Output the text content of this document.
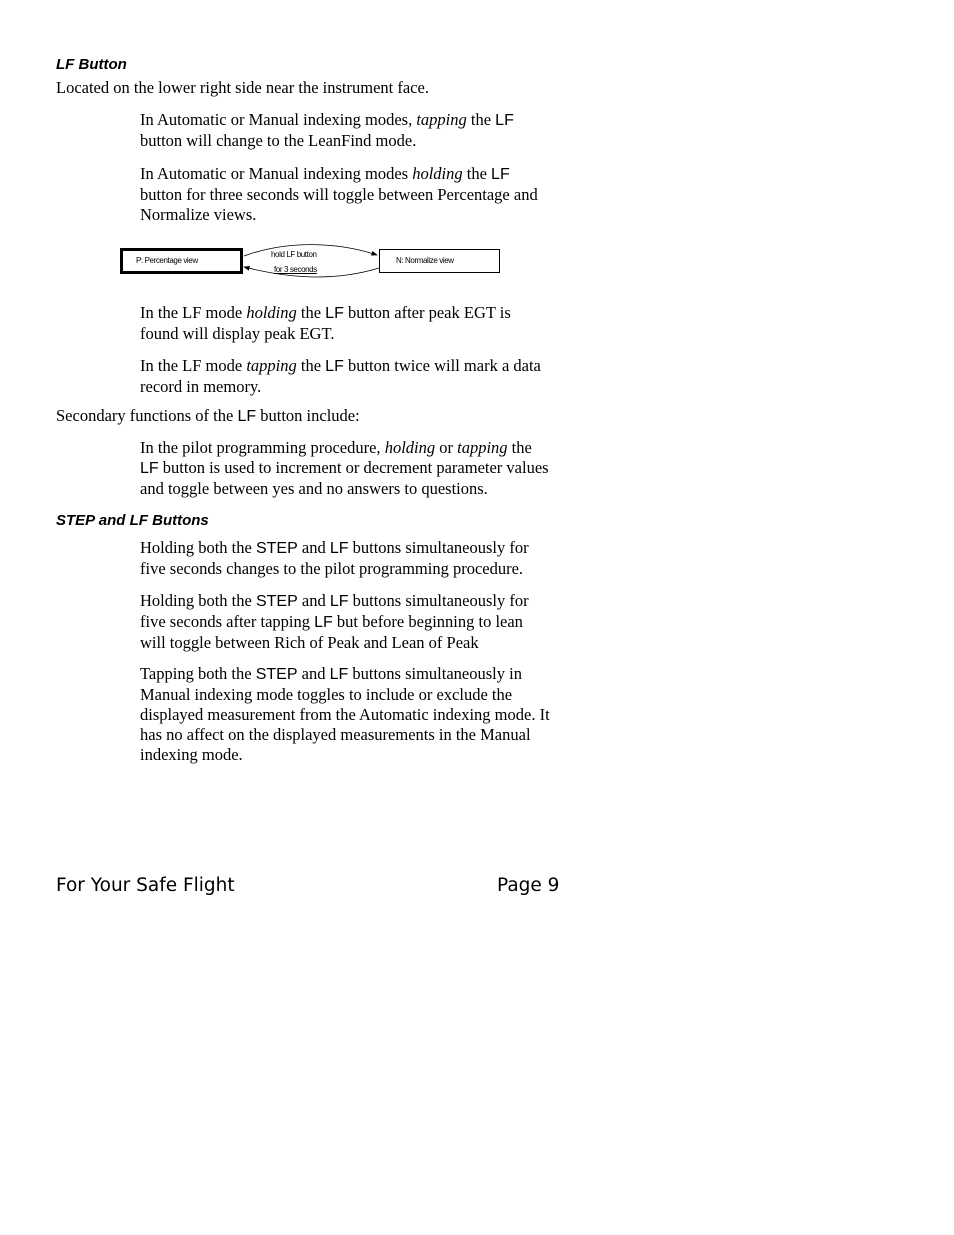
LF Button

Located on the lower right side near the instrument face.

In Automatic or Manual indexing modes, tapping the LF
button will change to the LeanFind mode.

In Automatic or Manual indexing modes holding the LF
button for three seconds will toggle between Percentage and
Normalize views.

P: Percentage view	N: Normalize view
hold LF button
for 3 seconds

In the LF mode holding the LF button after peak EGT is
found will display peak EGT.

In the LF mode tapping the LF button twice will mark a data
record in memory.

Secondary functions of the LF button include:

In the pilot programming procedure, holding or tapping the
LF button is used to increment or decrement parameter values
and toggle between yes and no answers to questions.

STEP and LF Buttons

Holding both the STEP and LF buttons simultaneously for
five seconds changes to the pilot programming procedure.

Holding both the STEP and LF buttons simultaneously for
five seconds after tapping LF but before beginning to lean
will toggle between Rich of Peak and Lean of Peak

Tapping both the STEP and LF buttons simultaneously in
Manual indexing mode toggles to include or exclude the
displayed measurement from the Automatic indexing mode. It
has no affect on the displayed measurements in the Manual
indexing mode.

For Your Safe Flight	Page 9
